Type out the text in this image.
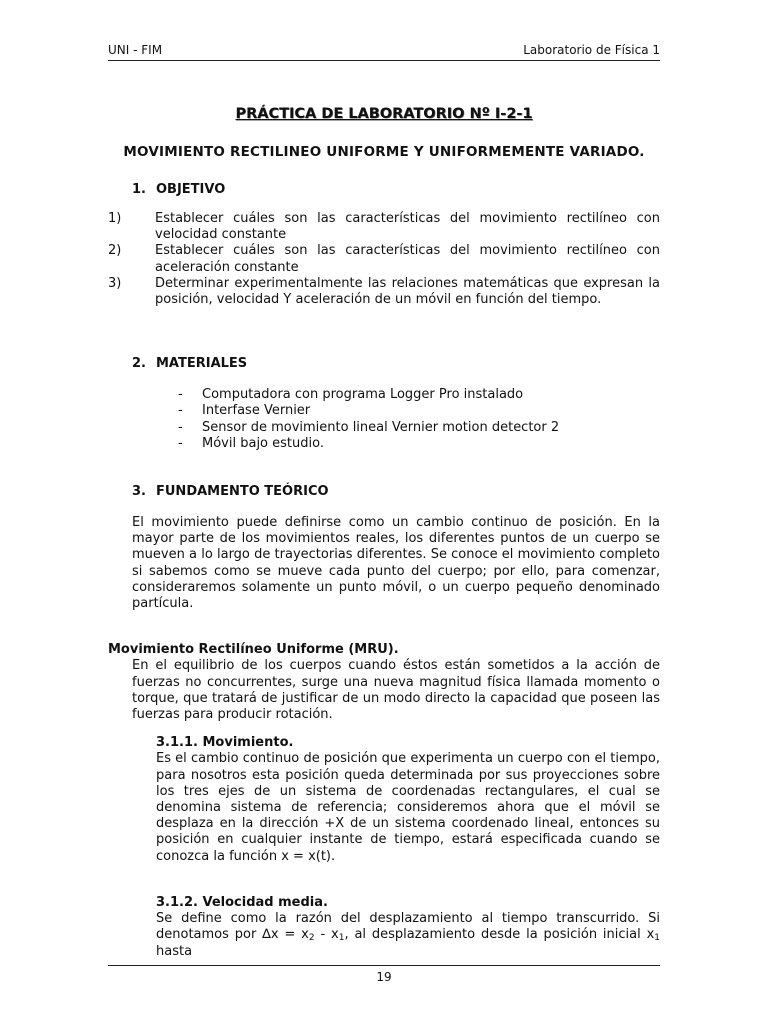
UNI - FIM	Laboratorio de Física 1

PRÁCTICA DE LABORATORIO Nº I-2-1

MOVIMIENTO RECTILINEO UNIFORME Y UNIFORMEMENTE VARIADO.

1. OBJETIVO
1)	Establecer cuáles son las características del movimiento rectilíneo con velocidad constante
2)	Establecer cuáles son las características del movimiento rectilíneo con aceleración constante
3)	Determinar experimentalmente las relaciones matemáticas que expresan la posición, velocidad Y aceleración de un móvil en función del tiempo.
2. MATERIALES
-	Computadora con programa Logger Pro instalado
-	Interfase Vernier
-	Sensor de movimiento lineal Vernier motion detector 2
-	Móvil bajo estudio.
3. FUNDAMENTO TEÓRICO

El movimiento puede definirse como un cambio continuo de posición. En la mayor parte de los movimientos reales, los diferentes puntos de un cuerpo se mueven a lo largo de trayectorias diferentes. Se conoce el movimiento completo si sabemos como se mueve cada punto del cuerpo; por ello, para comenzar, consideraremos solamente un punto móvil, o un cuerpo pequeño denominado partícula.

Movimiento Rectilíneo Uniforme (MRU).

En el equilibrio de los cuerpos cuando éstos están sometidos a la acción de fuerzas no concurrentes, surge una nueva magnitud física llamada momento o torque, que tratará de justificar de un modo directo la capacidad que poseen las fuerzas para producir rotación.

3.1.1. Movimiento.

Es el cambio continuo de posición que experimenta un cuerpo con el tiempo, para nosotros esta posición queda determinada por sus proyecciones sobre los tres ejes de un sistema de coordenadas rectangulares, el cual se denomina sistema de referencia; consideremos ahora que el móvil se desplaza en la dirección +X de un sistema coordenado lineal, entonces su posición en cualquier instante de tiempo, estará especificada cuando se conozca la función x = x(t).

3.1.2. Velocidad media.

Se define como la razón del desplazamiento al tiempo transcurrido. Si

denotamos por $\Delta x = x_2 - x_1$, al desplazamiento desde la posición inicial $x_1$ hasta

19
